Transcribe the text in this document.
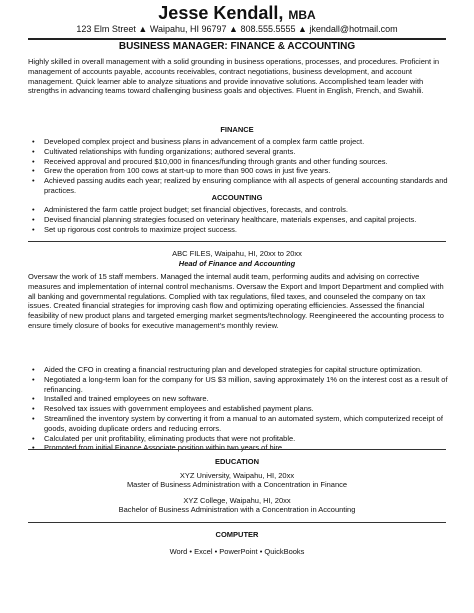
Jesse Kendall, MBA
123 Elm Street ▲ Waipahu, HI 96797 ▲ 808.555.5555 ▲ jkendall@hotmail.com
BUSINESS MANAGER: FINANCE & ACCOUNTING
Highly skilled in overall management with a solid grounding in business operations, processes, and procedures. Proficient in management of accounts payable, accounts receivables, contract negotiations, business development, and account management. Quick learner able to analyze situations and provide innovative solutions. Accomplished team leader with strengths in advancing teams toward challenging business goals and objectives. Fluent in English, French, and Swahili.
FINANCE
• Developed complex project and business plans in advancement of a complex farm cattle project.
• Cultivated relationships with funding organizations; authored several grants.
• Received approval and procured $10,000 in finances/funding through grants and other funding sources.
• Grew the operation from 100 cows at start-up to more than 900 cows in just five years.
• Achieved passing audits each year; realized by ensuring compliance with all aspects of general accounting standards and practices.
ACCOUNTING
• Administered the farm cattle project budget; set financial objectives, forecasts, and controls.
• Devised financial planning strategies focused on veterinary healthcare, materials expenses, and capital projects.
• Set up rigorous cost controls to maximize project success.
ABC FILES, Waipahu, HI, 20xx to 20xx
Head of Finance and Accounting
Oversaw the work of 15 staff members. Managed the internal audit team, performing audits and advising on corrective measures and implementation of internal control mechanisms. Oversaw the Export and Import Department and complied with all banking and governmental regulations. Complied with tax regulations, filed taxes, and counseled the company on tax issues. Created financial strategies for improving cash flow and optimizing operating efficiencies. Assessed the financial feasibility of new product plans and targeted emerging market segments/technology. Reengineered the accounting process to ensure timely closure of books for executive management's monthly review.
• Aided the CFO in creating a financial restructuring plan and developed strategies for capital structure optimization.
• Negotiated a long-term loan for the company for US $3 million, saving approximately 1% on the interest cost as a result of refinancing.
• Installed and trained employees on new software.
• Resolved tax issues with government employees and established payment plans.
• Streamlined the inventory system by converting it from a manual to an automated system, which computerized receipt of goods, avoiding duplicate orders and reducing errors.
• Calculated per unit profitability, eliminating products that were not profitable.
• Promoted from initial Finance Associate position within two years of hire.
EDUCATION
XYZ University, Waipahu, HI, 20xx
Master of Business Administration with a Concentration in Finance
XYZ College, Waipahu, HI, 20xx
Bachelor of Business Administration with a Concentration in Accounting
COMPUTER
Word • Excel • PowerPoint • QuickBooks
